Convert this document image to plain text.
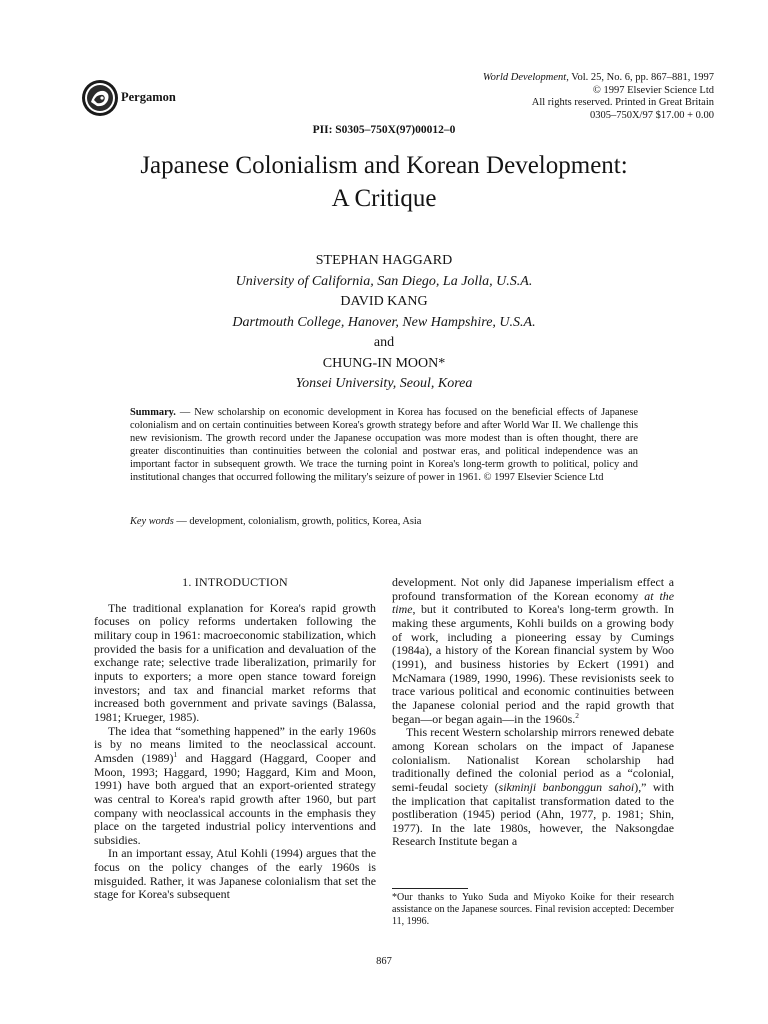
Pergamon
World Development, Vol. 25, No. 6, pp. 867–881, 1997
© 1997 Elsevier Science Ltd
All rights reserved. Printed in Great Britain
0305–750X/97 $17.00 + 0.00
PII: S0305–750X(97)00012–0
Japanese Colonialism and Korean Development:
A Critique
STEPHAN HAGGARD
University of California, San Diego, La Jolla, U.S.A.
DAVID KANG
Dartmouth College, Hanover, New Hampshire, U.S.A.
and
CHUNG-IN MOON*
Yonsei University, Seoul, Korea
Summary. — New scholarship on economic development in Korea has focused on the beneficial effects of Japanese colonialism and on certain continuities between Korea's growth strategy before and after World War II. We challenge this new revisionism. The growth record under the Japanese occupation was more modest than is often thought, there are greater discontinuities than continuities between the colonial and postwar eras, and political independence was an important factor in subsequent growth. We trace the turning point in Korea's long-term growth to political, policy and institutional changes that occurred following the military's seizure of power in 1961. © 1997 Elsevier Science Ltd
Key words — development, colonialism, growth, politics, Korea, Asia
1. INTRODUCTION

The traditional explanation for Korea's rapid growth focuses on policy reforms undertaken following the military coup in 1961: macroeconomic stabilization, which provided the basis for a unification and devaluation of the exchange rate; selective trade liberalization, primarily for inputs to exporters; a more open stance toward foreign investors; and tax and financial market reforms that increased both government and private savings (Balassa, 1981; Krueger, 1985).

The idea that “something happened” in the early 1960s is by no means limited to the neoclassical account. Amsden $(1989)^1$ and Haggard (Haggard, Cooper and Moon, 1993; Haggard, 1990; Haggard, Kim and Moon, 1991) have both argued that an export-oriented strategy was central to Korea's rapid growth after 1960, but part company with neoclassical accounts in the emphasis they place on the targeted industrial policy interventions and subsidies.

In an important essay, Atul Kohli (1994) argues that the focus on the policy changes of the early 1960s is misguided. Rather, it was Japanese colonialism that set the stage for Korea's subsequent

development. Not only did Japanese imperialism effect a profound transformation of the Korean economy at the time, but it contributed to Korea's long-term growth. In making these arguments, Kohli builds on a growing body of work, including a pioneering essay by Cumings (1984a), a history of the Korean financial system by Woo (1991), and business histories by Eckert (1991) and McNamara (1989, 1990, 1996). These revisionists seek to trace various political and economic continuities between the Japanese colonial period and the rapid growth that began—or began again—in the 1960s.$^2$

This recent Western scholarship mirrors renewed debate among Korean scholars on the impact of Japanese colonialism. Nationalist Korean scholarship had traditionally defined the colonial period as a “colonial, semi-feudal society (sikminji banbonggun sahoi),” with the implication that capitalist transformation dated to the postliberation (1945) period (Ahn, 1977, p. 1981; Shin, 1977). In the late 1980s, however, the Naksongdae Research Institute began a

*Our thanks to Yuko Suda and Miyoko Koike for their research assistance on the Japanese sources. Final revision accepted: December 11, 1996.
867
